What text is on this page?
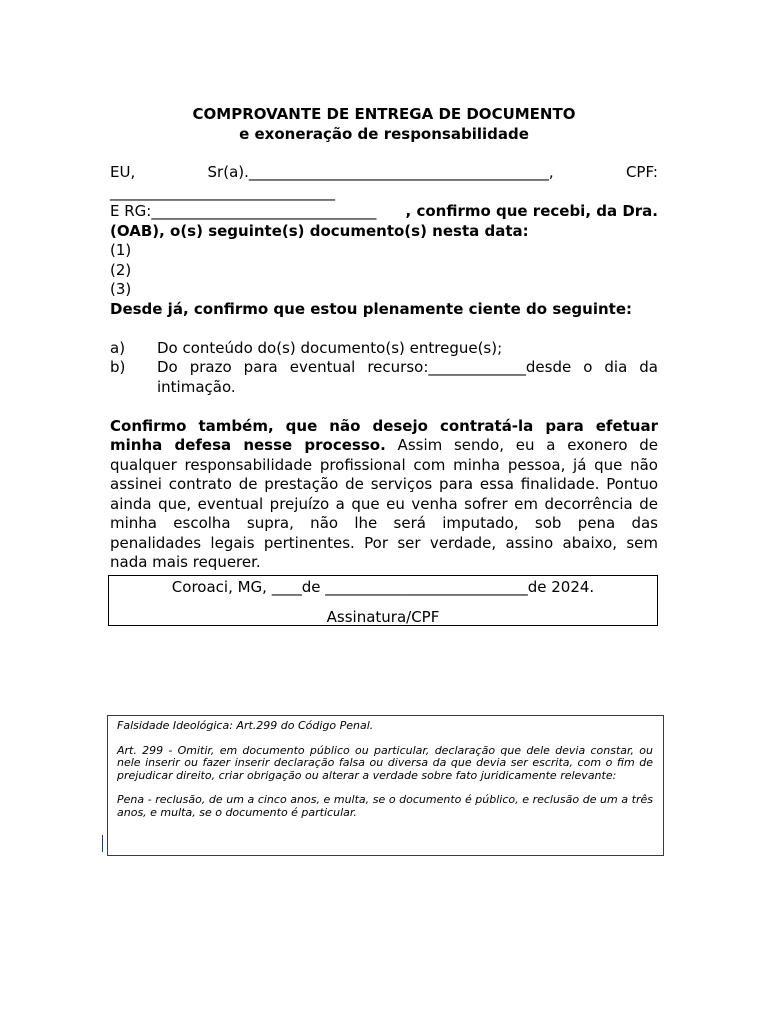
COMPROVANTE DE ENTREGA DE DOCUMENTO
e exoneração de responsabilidade
EU,	Sr(a).________________________________________,	CPF:
______________________________
E RG:______________________________ , confirmo que recebi, da Dra.
(OAB), o(s) seguinte(s) documento(s) nesta data:
(1)
(2)
(3)
Desde já, confirmo que estou plenamente ciente do seguinte:
a)	Do conteúdo do(s) documento(s) entregue(s);
b)	Do prazo para eventual recurso:_____________desde o dia da
intimação.
Confirmo também, que não desejo contratá-la para efetuar
minha defesa nesse processo. Assim sendo, eu a exonero de
qualquer responsabilidade profissional com minha pessoa, já que não
assinei contrato de prestação de serviços para essa finalidade. Pontuo
ainda que, eventual prejuízo a que eu venha sofrer em decorrência de
minha escolha supra, não lhe será imputado, sob pena das
penalidades legais pertinentes. Por ser verdade, assino abaixo, sem
nada mais requerer.
Coroaci, MG, ____de ___________________________de 2024.
Assinatura/CPF

Falsidade Ideológica: Art.299 do Código Penal.

Art. 299 - Omitir, em documento público ou particular, declaração que dele devia constar, ou nele inserir ou fazer inserir declaração falsa ou diversa da que devia ser escrita, com o fim de prejudicar direito, criar obrigação ou alterar a verdade sobre fato juridicamente relevante:

Pena - reclusão, de um a cinco anos, e multa, se o documento é público, e reclusão de um a três anos, e multa, se o documento é particular.
